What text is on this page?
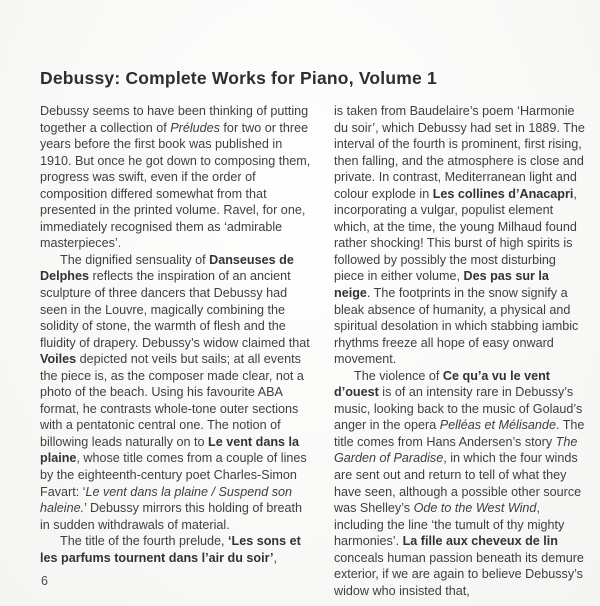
Debussy: Complete Works for Piano, Volume 1

Debussy seems to have been thinking of putting together a collection of Préludes for two or three years before the first book was published in 1910. But once he got down to composing them, progress was swift, even if the order of composition differed somewhat from that presented in the printed volume. Ravel, for one, immediately recognised them as ‘admirable masterpieces’.

The dignified sensuality of Danseuses de Delphes reflects the inspiration of an ancient sculpture of three dancers that Debussy had seen in the Louvre, magically combining the solidity of stone, the warmth of flesh and the fluidity of drapery. Debussy’s widow claimed that Voiles depicted not veils but sails; at all events the piece is, as the composer made clear, not a photo of the beach. Using his favourite ABA format, he contrasts whole-tone outer sections with a pentatonic central one. The notion of billowing leads naturally on to Le vent dans la plaine, whose title comes from a couple of lines by the eighteenth-century poet Charles-Simon Favart: ‘Le vent dans la plaine / Suspend son haleine.’ Debussy mirrors this holding of breath in sudden withdrawals of material.

The title of the fourth prelude, ‘Les sons et les parfums tournent dans l’air du soir’,

is taken from Baudelaire’s poem ‘Harmonie du soir’, which Debussy had set in 1889. The interval of the fourth is prominent, first rising, then falling, and the atmosphere is close and private. In contrast, Mediterranean light and colour explode in Les collines d’Anacapri, incorporating a vulgar, populist element which, at the time, the young Milhaud found rather shocking! This burst of high spirits is followed by possibly the most disturbing piece in either volume, Des pas sur la neige. The footprints in the snow signify a bleak absence of humanity, a physical and spiritual desolation in which stabbing iambic rhythms freeze all hope of easy onward movement.

The violence of Ce qu’a vu le vent d’ouest is of an intensity rare in Debussy’s music, looking back to the music of Golaud’s anger in the opera Pelléas et Mélisande. The title comes from Hans Andersen’s story The Garden of Paradise, in which the four winds are sent out and return to tell of what they have seen, although a possible other source was Shelley’s Ode to the West Wind, including the line ‘the tumult of thy mighty harmonies’. La fille aux cheveux de lin conceals human passion beneath its demure exterior, if we are again to believe Debussy’s widow who insisted that,

6
